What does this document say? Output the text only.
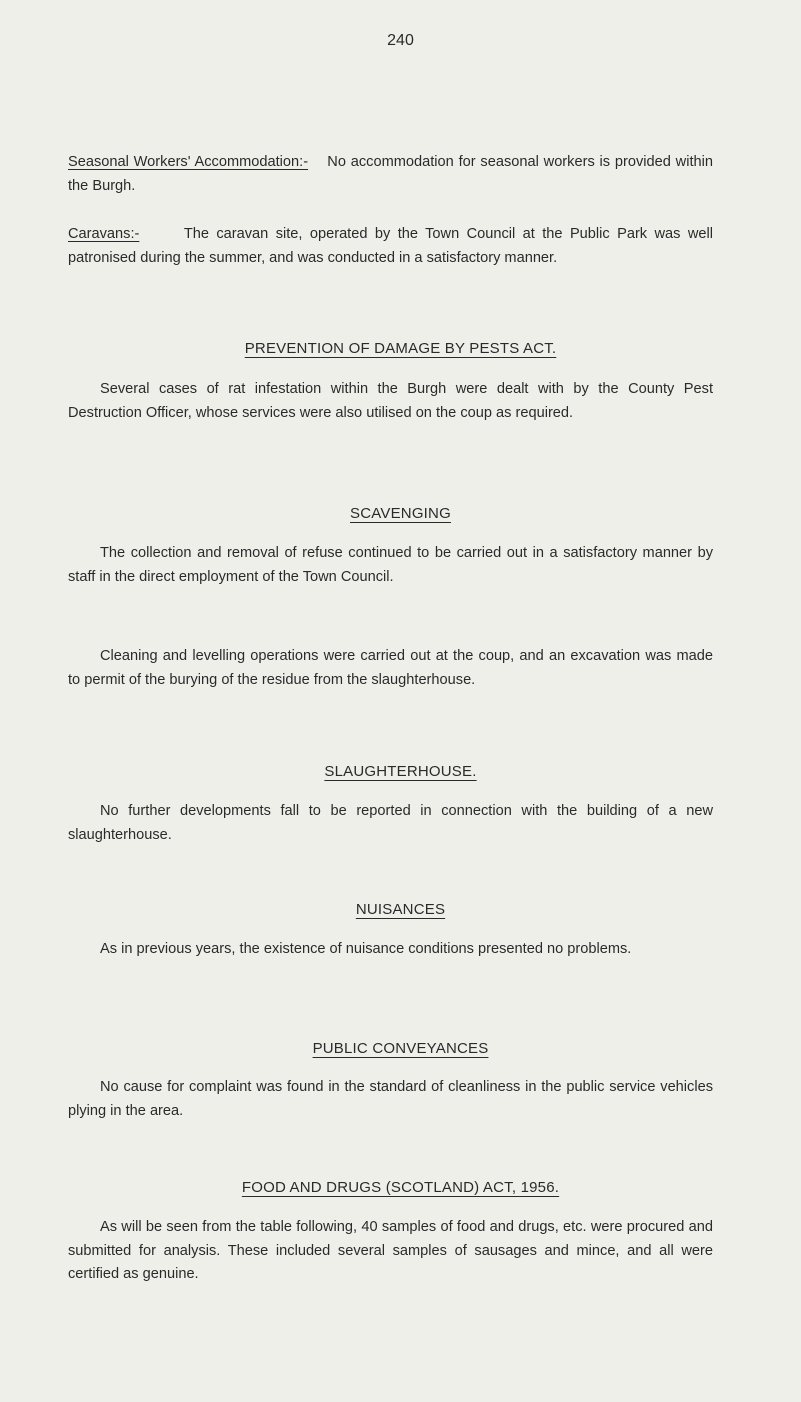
240

Seasonal Workers' Accommodation:- No accommodation for seasonal workers is provided within the Burgh.

Caravans:-	The caravan site, operated by the Town Council at the Public Park was well patronised during the summer, and was conducted in a satisfactory manner.

PREVENTION OF DAMAGE BY PESTS ACT.

Several cases of rat infestation within the Burgh were dealt with by the County Pest Destruction Officer, whose services were also utilised on the coup as required.

SCAVENGING

The collection and removal of refuse continued to be carried out in a satisfactory manner by staff in the direct employment of the Town Council.

Cleaning and levelling operations were carried out at the coup, and an excavation was made to permit of the burying of the residue from the slaughterhouse.

SLAUGHTERHOUSE.

No further developments fall to be reported in connection with the building of a new slaughterhouse.

NUISANCES

As in previous years, the existence of nuisance conditions presented no problems.

PUBLIC CONVEYANCES

No cause for complaint was found in the standard of cleanliness in the public service vehicles plying in the area.

FOOD AND DRUGS (SCOTLAND) ACT, 1956.

As will be seen from the table following, 40 samples of food and drugs, etc. were procured and submitted for analysis. These included several samples of sausages and mince, and all were certified as genuine.
